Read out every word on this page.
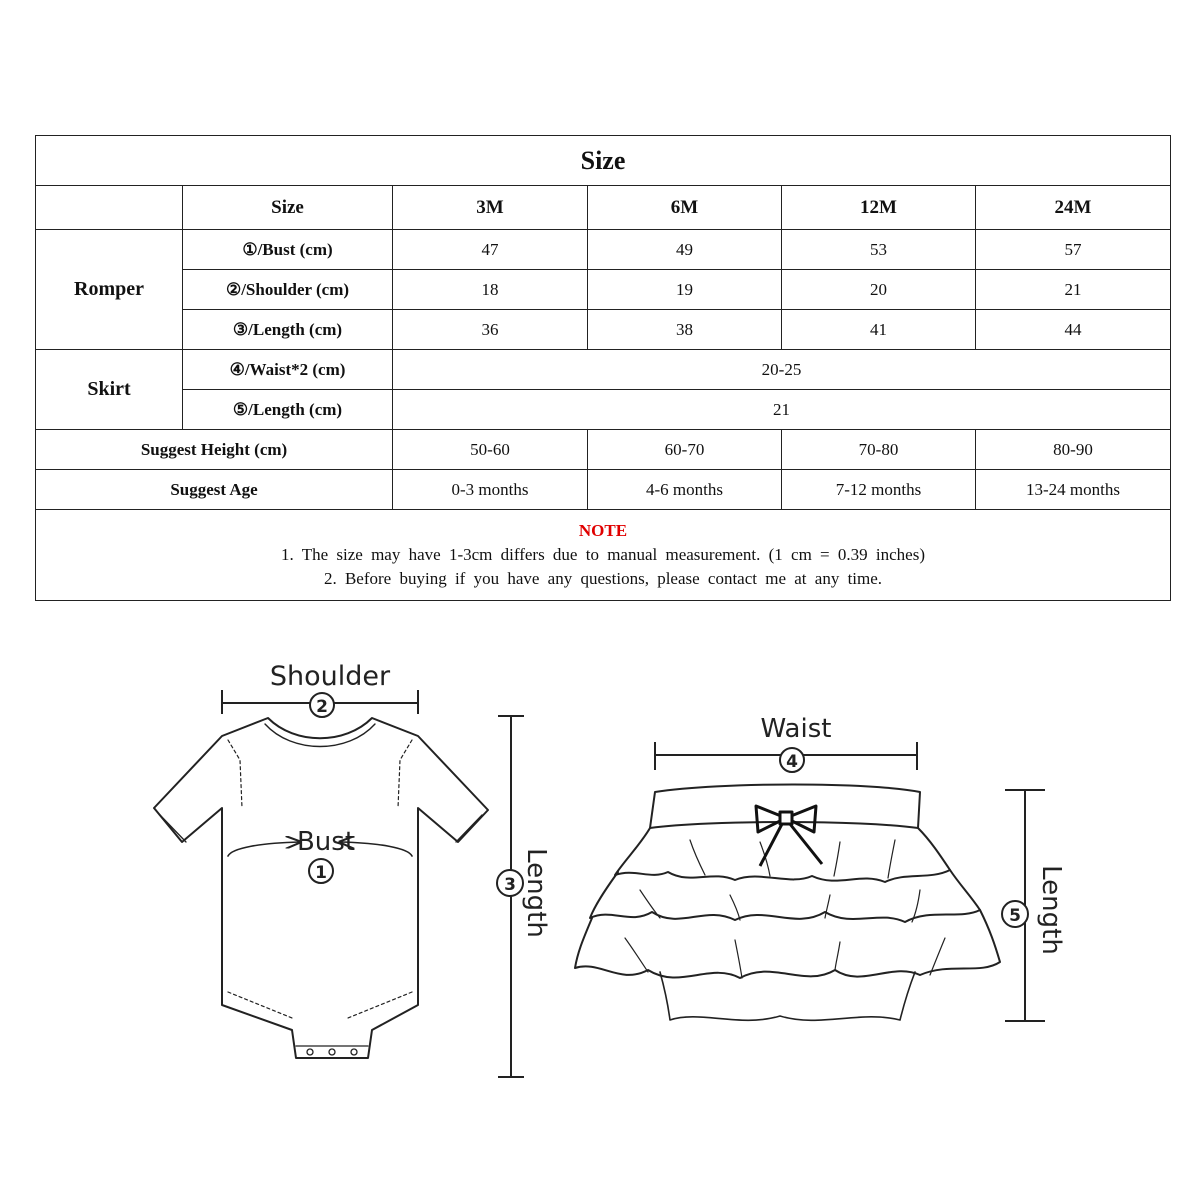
Size					
	Size	3M	6M	12M	24M
Romper	①/Bust (cm)	47	49	53	57
	②/Shoulder (cm)	18	19	20	21
	③/Length (cm)	36	38	41	44
Skirt	④/Waist*2 (cm)	20-25			
	⑤/Length (cm)	21			
Suggest Height (cm)		50-60	60-70	70-80	80-90
Suggest Age		0-3 months	4-6 months	7-12 months	13-24 months

NOTE
1. The size may have 1-3cm differs due to manual measurement. (1 cm = 0.39 inches)
2. Before buying if you have any questions, please contact me at any time.					
Shoulder
2
Bust
1
3 Length
Waist
4
5 Length
